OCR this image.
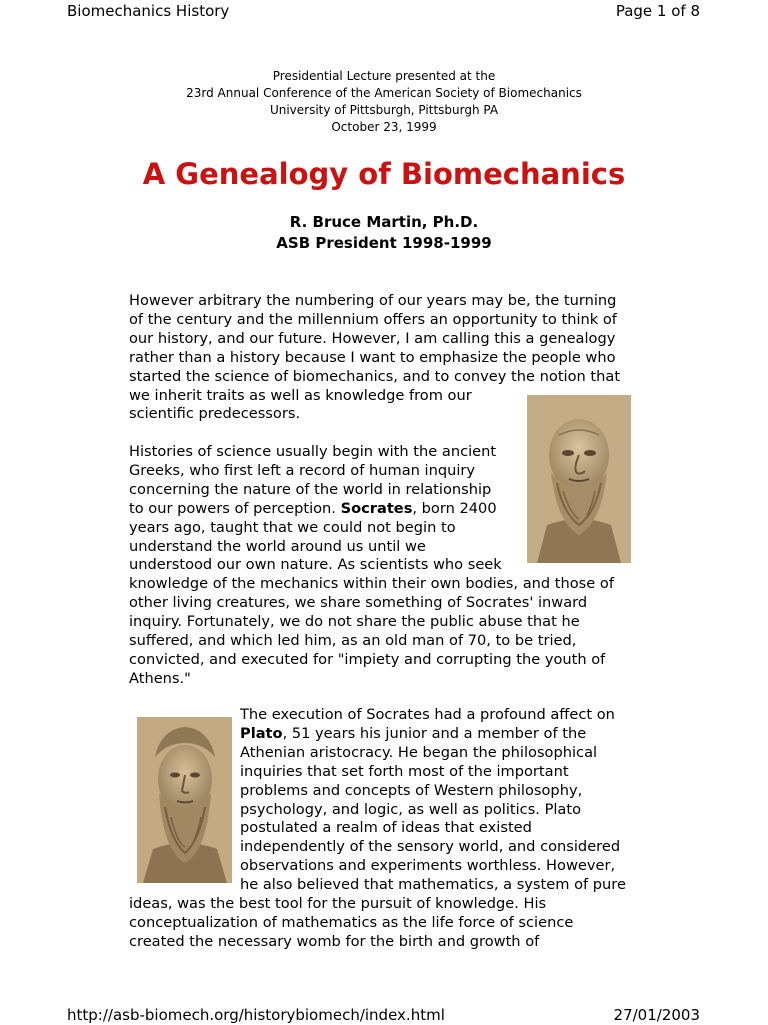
Biomechanics History	Page 1 of 8
Presidential Lecture presented at the
23rd Annual Conference of the American Society of Biomechanics
University of Pittsburgh, Pittsburgh PA
October 23, 1999
A Genealogy of Biomechanics
R. Bruce Martin, Ph.D.
ASB President 1998-1999
However arbitrary the numbering of our years may be, the turning
of the century and the millennium offers an opportunity to think of
our history, and our future. However, I am calling this a genealogy
rather than a history because I want to emphasize the people who
started the science of biomechanics, and to convey the notion that
we inherit traits as well as knowledge from our
scientific predecessors.
Histories of science usually begin with the ancient
Greeks, who first left a record of human inquiry
concerning the nature of the world in relationship
to our powers of perception. Socrates, born 2400
years ago, taught that we could not begin to
understand the world around us until we
understood our own nature. As scientists who seek
knowledge of the mechanics within their own bodies, and those of
other living creatures, we share something of Socrates' inward
inquiry. Fortunately, we do not share the public abuse that he
suffered, and which led him, as an old man of 70, to be tried,
convicted, and executed for "impiety and corrupting the youth of
Athens."
The execution of Socrates had a profound affect on
Plato, 51 years his junior and a member of the
Athenian aristocracy. He began the philosophical
inquiries that set forth most of the important
problems and concepts of Western philosophy,
psychology, and logic, as well as politics. Plato
postulated a realm of ideas that existed
independently of the sensory world, and considered
observations and experiments worthless. However,
he also believed that mathematics, a system of pure
ideas, was the best tool for the pursuit of knowledge. His
conceptualization of mathematics as the life force of science
created the necessary womb for the birth and growth of
http://asb-biomech.org/historybiomech/index.html	27/01/2003
